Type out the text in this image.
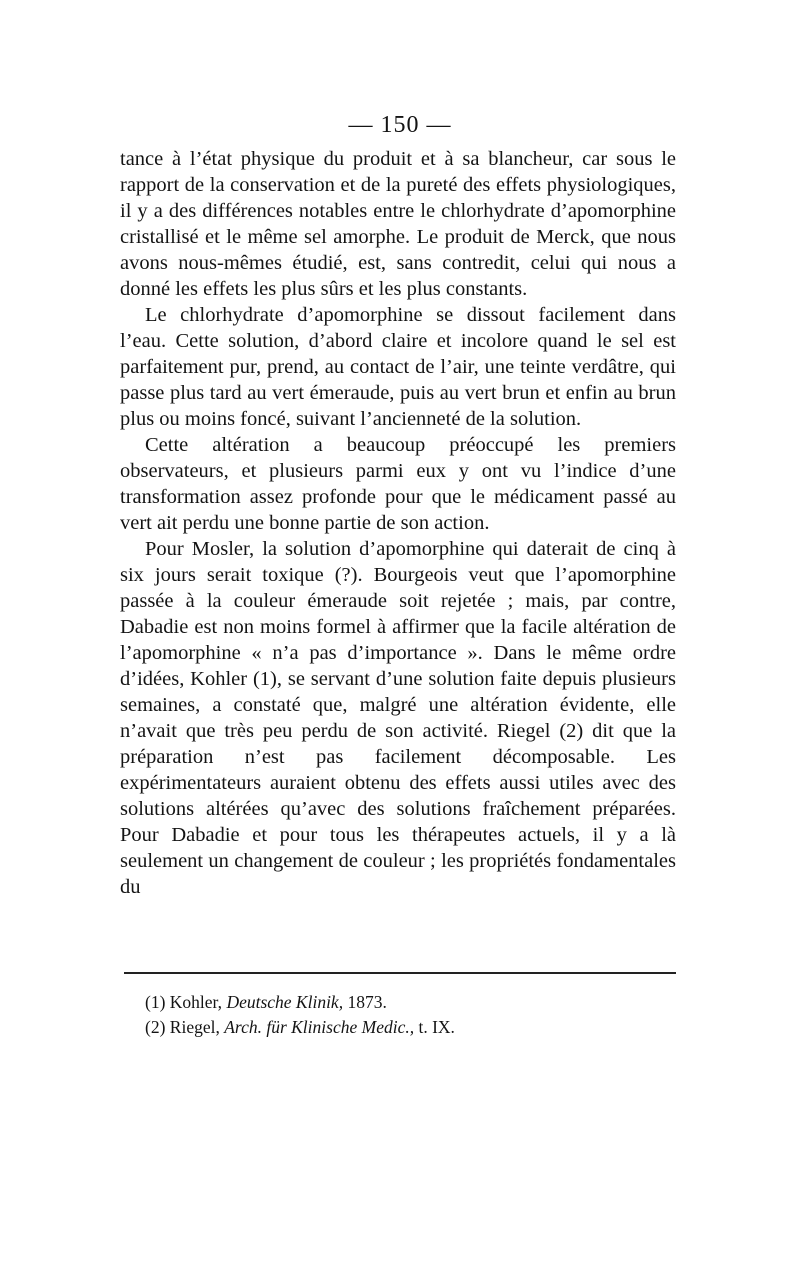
— 150 —

tance à l’état physique du produit et à sa blancheur, car sous le rapport de la conservation et de la pureté des effets physiologiques, il y a des différences notables entre le chlorhydrate d’apomorphine cristallisé et le même sel amorphe. Le produit de Merck, que nous avons nous-mêmes étudié, est, sans contredit, celui qui nous a donné les effets les plus sûrs et les plus constants.

Le chlorhydrate d’apomorphine se dissout facilement dans l’eau. Cette solution, d’abord claire et incolore quand le sel est parfaitement pur, prend, au contact de l’air, une teinte verdâtre, qui passe plus tard au vert émeraude, puis au vert brun et enfin au brun plus ou moins foncé, suivant l’ancienneté de la solution.

Cette altération a beaucoup préoccupé les premiers observateurs, et plusieurs parmi eux y ont vu l’indice d’une transformation assez profonde pour que le médicament passé au vert ait perdu une bonne partie de son action.

Pour Mosler, la solution d’apomorphine qui daterait de cinq à six jours serait toxique (?). Bourgeois veut que l’apomorphine passée à la couleur émeraude soit rejetée ; mais, par contre, Dabadie est non moins formel à affirmer que la facile altération de l’apomorphine « n’a pas d’importance ». Dans le même ordre d’idées, Kohler (1), se servant d’une solution faite depuis plusieurs semaines, a constaté que, malgré une altération évidente, elle n’avait que très peu perdu de son activité. Riegel (2) dit que la préparation n’est pas facilement décomposable. Les expérimentateurs auraient obtenu des effets aussi utiles avec des solutions altérées qu’avec des solutions fraîchement préparées. Pour Dabadie et pour tous les thérapeutes actuels, il y a là seulement un changement de couleur ; les propriétés fondamentales du

(1) Kohler, Deutsche Klinik, 1873.

(2) Riegel, Arch. für Klinische Medic., t. IX.
